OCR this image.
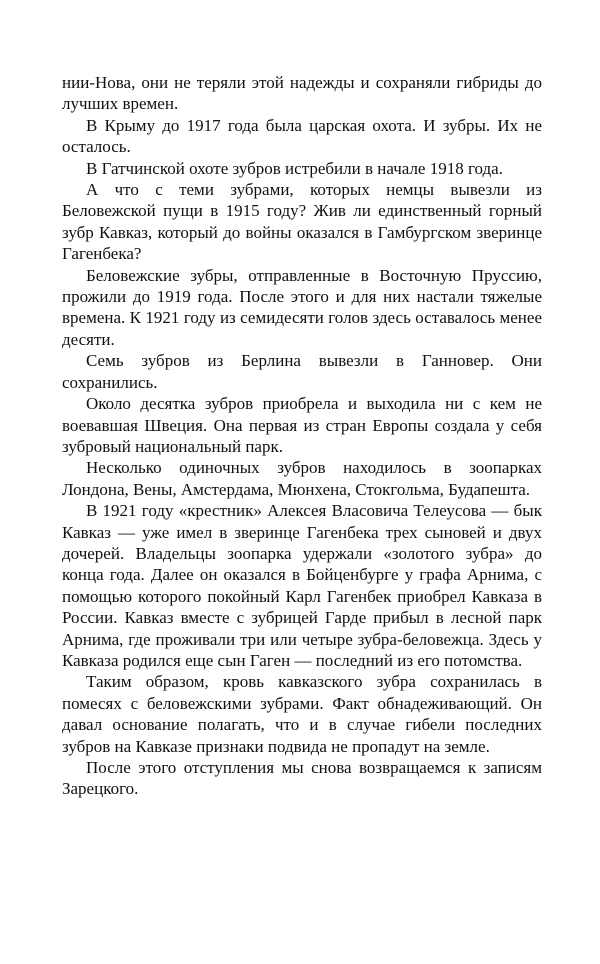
нии-Нова, они не теряли этой надежды и сохраняли гибриды до лучших времен.

В Крыму до 1917 года была царская охота. И зубры. Их не осталось.

В Гатчинской охоте зубров истребили в начале 1918 года.

А что с теми зубрами, которых немцы вывезли из Беловежской пущи в 1915 году? Жив ли единственный горный зубр Кавказ, который до войны оказался в Гамбургском зверинце Гагенбека?

Беловежские зубры, отправленные в Восточную Пруссию, прожили до 1919 года. После этого и для них настали тяжелые времена. К 1921 году из семидесяти голов здесь оставалось менее десяти.

Семь зубров из Берлина вывезли в Ганновер. Они сохранились.

Около десятка зубров приобрела и выходила ни с кем не воевавшая Швеция. Она первая из стран Европы создала у себя зубровый национальный парк.

Несколько одиночных зубров находилось в зоопарках Лондона, Вены, Амстердама, Мюнхена, Стокгольма, Будапешта.

В 1921 году «крестник» Алексея Власовича Телеусова — бык Кавказ — уже имел в зверинце Гагенбека трех сыновей и двух дочерей. Владельцы зоопарка удержали «золотого зубра» до конца года. Далее он оказался в Бойценбурге у графа Арнима, с помощью которого покойный Карл Гагенбек приобрел Кавказа в России. Кавказ вместе с зубрицей Гарде прибыл в лесной парк Арнима, где проживали три или четыре зубра-беловежца. Здесь у Кавказа родился еще сын Гаген — последний из его потомства.

Таким образом, кровь кавказского зубра сохранилась в помесях с беловежскими зубрами. Факт обнадеживающий. Он давал основание полагать, что и в случае гибели последних зубров на Кавказе признаки подвида не пропадут на земле.

После этого отступления мы снова возвращаемся к записям Зарецкого.
